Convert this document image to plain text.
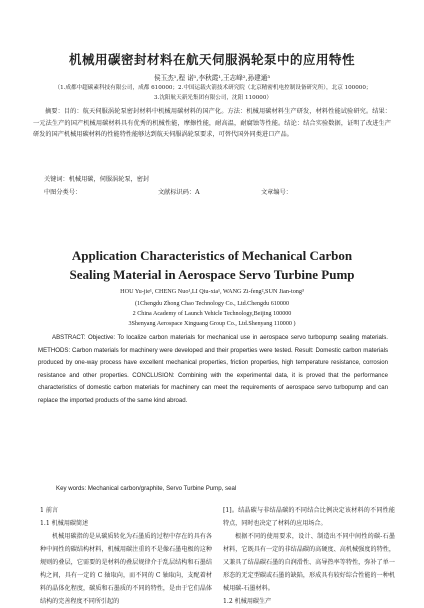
机械用碳密封材料在航天伺服涡轮泵中的应用特性
侯玉杰¹,程 诺¹,李秋霞¹,王志峰²,孙建通³
（1.成都中超碳素科技有限公司，成都 610000；2.中国运载火箭技术研究院（北京精密机电控制设备研究所），北京 100000；
3.沈阳航天新光集团有限公司，沈阳 110000）
摘要：目的：航天伺服涡轮泵密封材料中机械用碳材料的国产化。方法：机械用碳材料生产研发，材料性能试验研究。结果：一元法生产的国产机械用碳材料具有优秀的机械性能，摩擦性能，耐高温，耐腐蚀等性能。结论：结合实验数据，证明了改进生产研发的国产机械用碳材料的性能特性能够达到航天伺服涡轮泵要求，可替代国外同类进口产品。
关键词：机械用碳，伺服涡轮泵，密封
中图分类号：	文献标识码：A	文章编号：
Application Characteristics of Mechanical Carbon
Sealing Material in Aerospace Servo Turbine Pump
HOU Yu-jie¹, CHENG Nuo¹,LI Qiu-xia¹, WANG Zi-feng²,SUN Jian-tong³
(1Chengdu Zhong Chao Technology Co., Ltd.Chengdu 610000
2 China Academy of Launch Vehicle Technology,Beijing 100000
3Shenyang Aerospace Xinguang Group Co., Ltd.Shenyang 110000 )
ABSTRACT: Objective: To localize carbon materials for mechanical use in aerospace servo turbopump sealing materials. METHODS: Carbon materials for machinery were developed and their properties were tested. Result: Domestic carbon materials produced by one-way process have excellent mechanical properties, friction properties, high temperature resistance, corrosion resistance and other properties. CONCLUSION: Combining with the experimental data, it is proved that the performance characteristics of domestic carbon materials for machinery can meet the requirements of aerospace servo turbopump and can replace the imported products of the same kind abroad.
Key words: Mechanical carbon/graphite, Servo Turbine Pump, seal
1 前言
1.1 机械用碳简述
机械用碳指的是从碳质转化为石墨质的过程中存在的具有各种中间性的碳结构材料，机械用碳注重的不是像石墨电极的这种规则的叠层，它需要的是材料的叠层规律介于乱层结构和石墨结构之间，具有一定的 C 轴取向，而不同的 C 轴取向，支配着材料的晶体化程度，碳质和石墨质的不同的特性，是由于它们晶体结构的完善程度不同所引起的
[1]。结晶碳与非结晶碳的不同结合比例决定该材料的不同性能特点，同时也决定了材料的应用场合。
根据不同的使用要求，设计、制造出不同中间性的碳-石墨材料，它既具有一定的非结晶碳的高硬度、高机械强度的特性，又兼具了结晶碳石墨的自润滑性、高导热率等特性，弥补了单一形态的无定型碳或石墨的缺陷，形成具有较好综合性能的一种机械用碳-石墨材料。
1.2 机械用碳生产
